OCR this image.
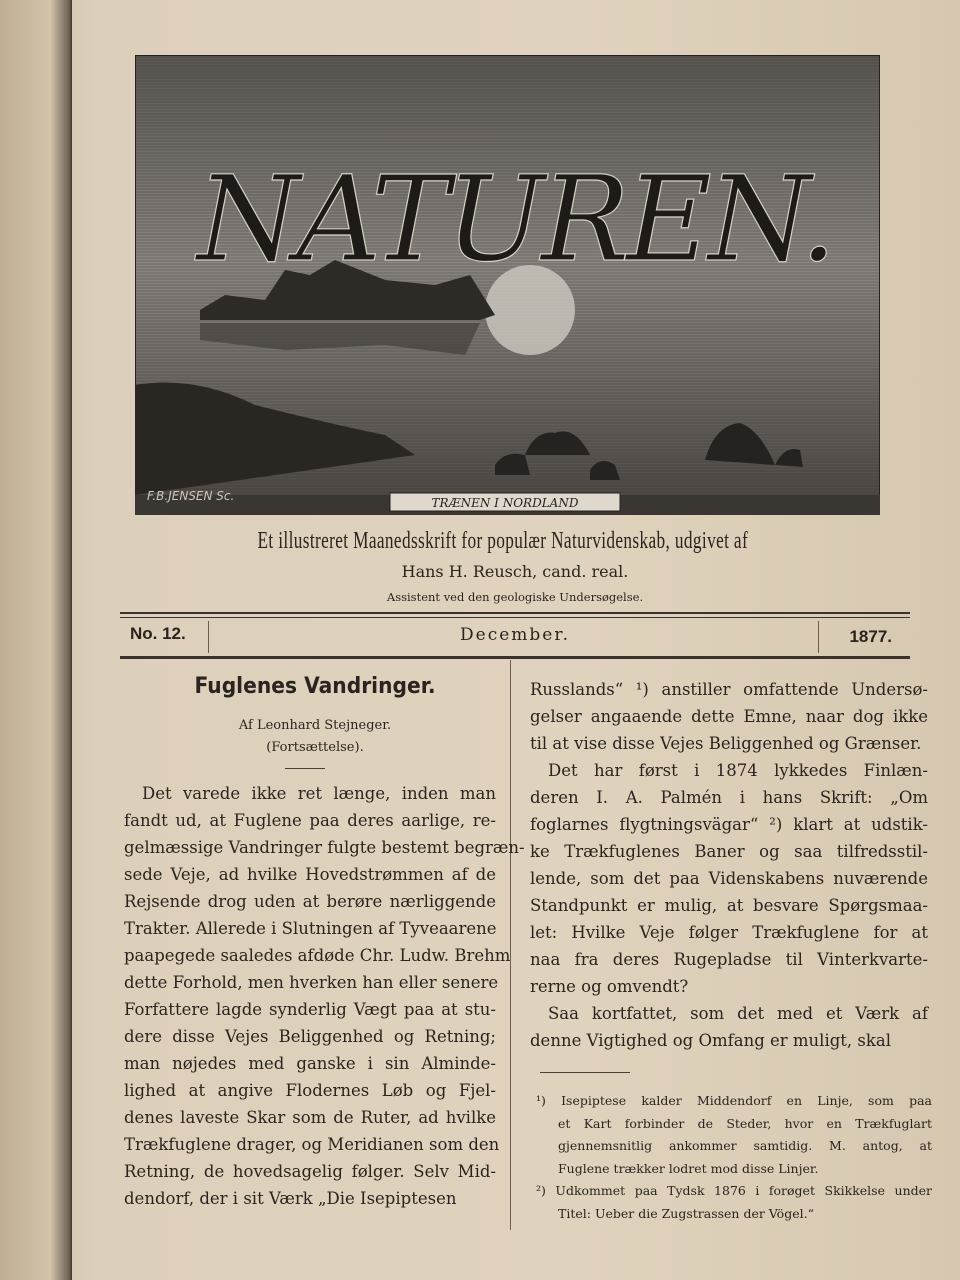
NATUREN.
F.B.JENSEN Sc.	TRÆNEN I NORDLAND
Et illustreret Maanedsskrift for populær Naturvidenskab, udgivet af
Hans H. Reusch, cand. real.
Assistent ved den geologiske Undersøgelse.
No. 12.	December.	1877.
Fuglenes Vandringer.
Af Leonhard Stejneger.
(Fortsættelse).
Det varede ikke ret længe, inden man
fandt ud, at Fuglene paa deres aarlige, re-
gelmæssige Vandringer fulgte bestemt begræn-
sede Veje, ad hvilke Hovedstrømmen af de
Rejsende drog uden at berøre nærliggende
Trakter. Allerede i Slutningen af Tyveaarene
paapegede saaledes afdøde Chr. Ludw. Brehm
dette Forhold, men hverken han eller senere
Forfattere lagde synderlig Vægt paa at stu-
dere disse Vejes Beliggenhed og Retning;
man nøjedes med ganske i sin Alminde-
lighed at angive Flodernes Løb og Fjel-
denes laveste Skar som de Ruter, ad hvilke
Trækfuglene drager, og Meridianen som den
Retning, de hovedsagelig følger. Selv Mid-
dendorf, der i sit Værk „Die Isepiptesen
Russlands“ ¹) anstiller omfattende Undersø-
gelser angaaende dette Emne, naar dog ikke
til at vise disse Vejes Beliggenhed og Grænser.
Det har først i 1874 lykkedes Finlæn-
deren I. A. Palmén i hans Skrift: „Om
foglarnes flygtningsvägar“ ²) klart at udstik-
ke Trækfuglenes Baner og saa tilfredsstil-
lende, som det paa Videnskabens nuværende
Standpunkt er mulig, at besvare Spørgsmaa-
let: Hvilke Veje følger Trækfuglene for at
naa fra deres Rugepladse til Vinterkvarte-
rerne og omvendt?
Saa kortfattet, som det med et Værk af
denne Vigtighed og Omfang er muligt, skal
¹) Isepiptese kalder Middendorf en Linje, som paa
et Kart forbinder de Steder, hvor en Trækfuglart
gjennemsnitlig ankommer samtidig. M. antog, at
Fuglene trækker lodret mod disse Linjer.
²) Udkommet paa Tydsk 1876 i forøget Skikkelse under
Titel: Ueber die Zugstrassen der Vögel.“
